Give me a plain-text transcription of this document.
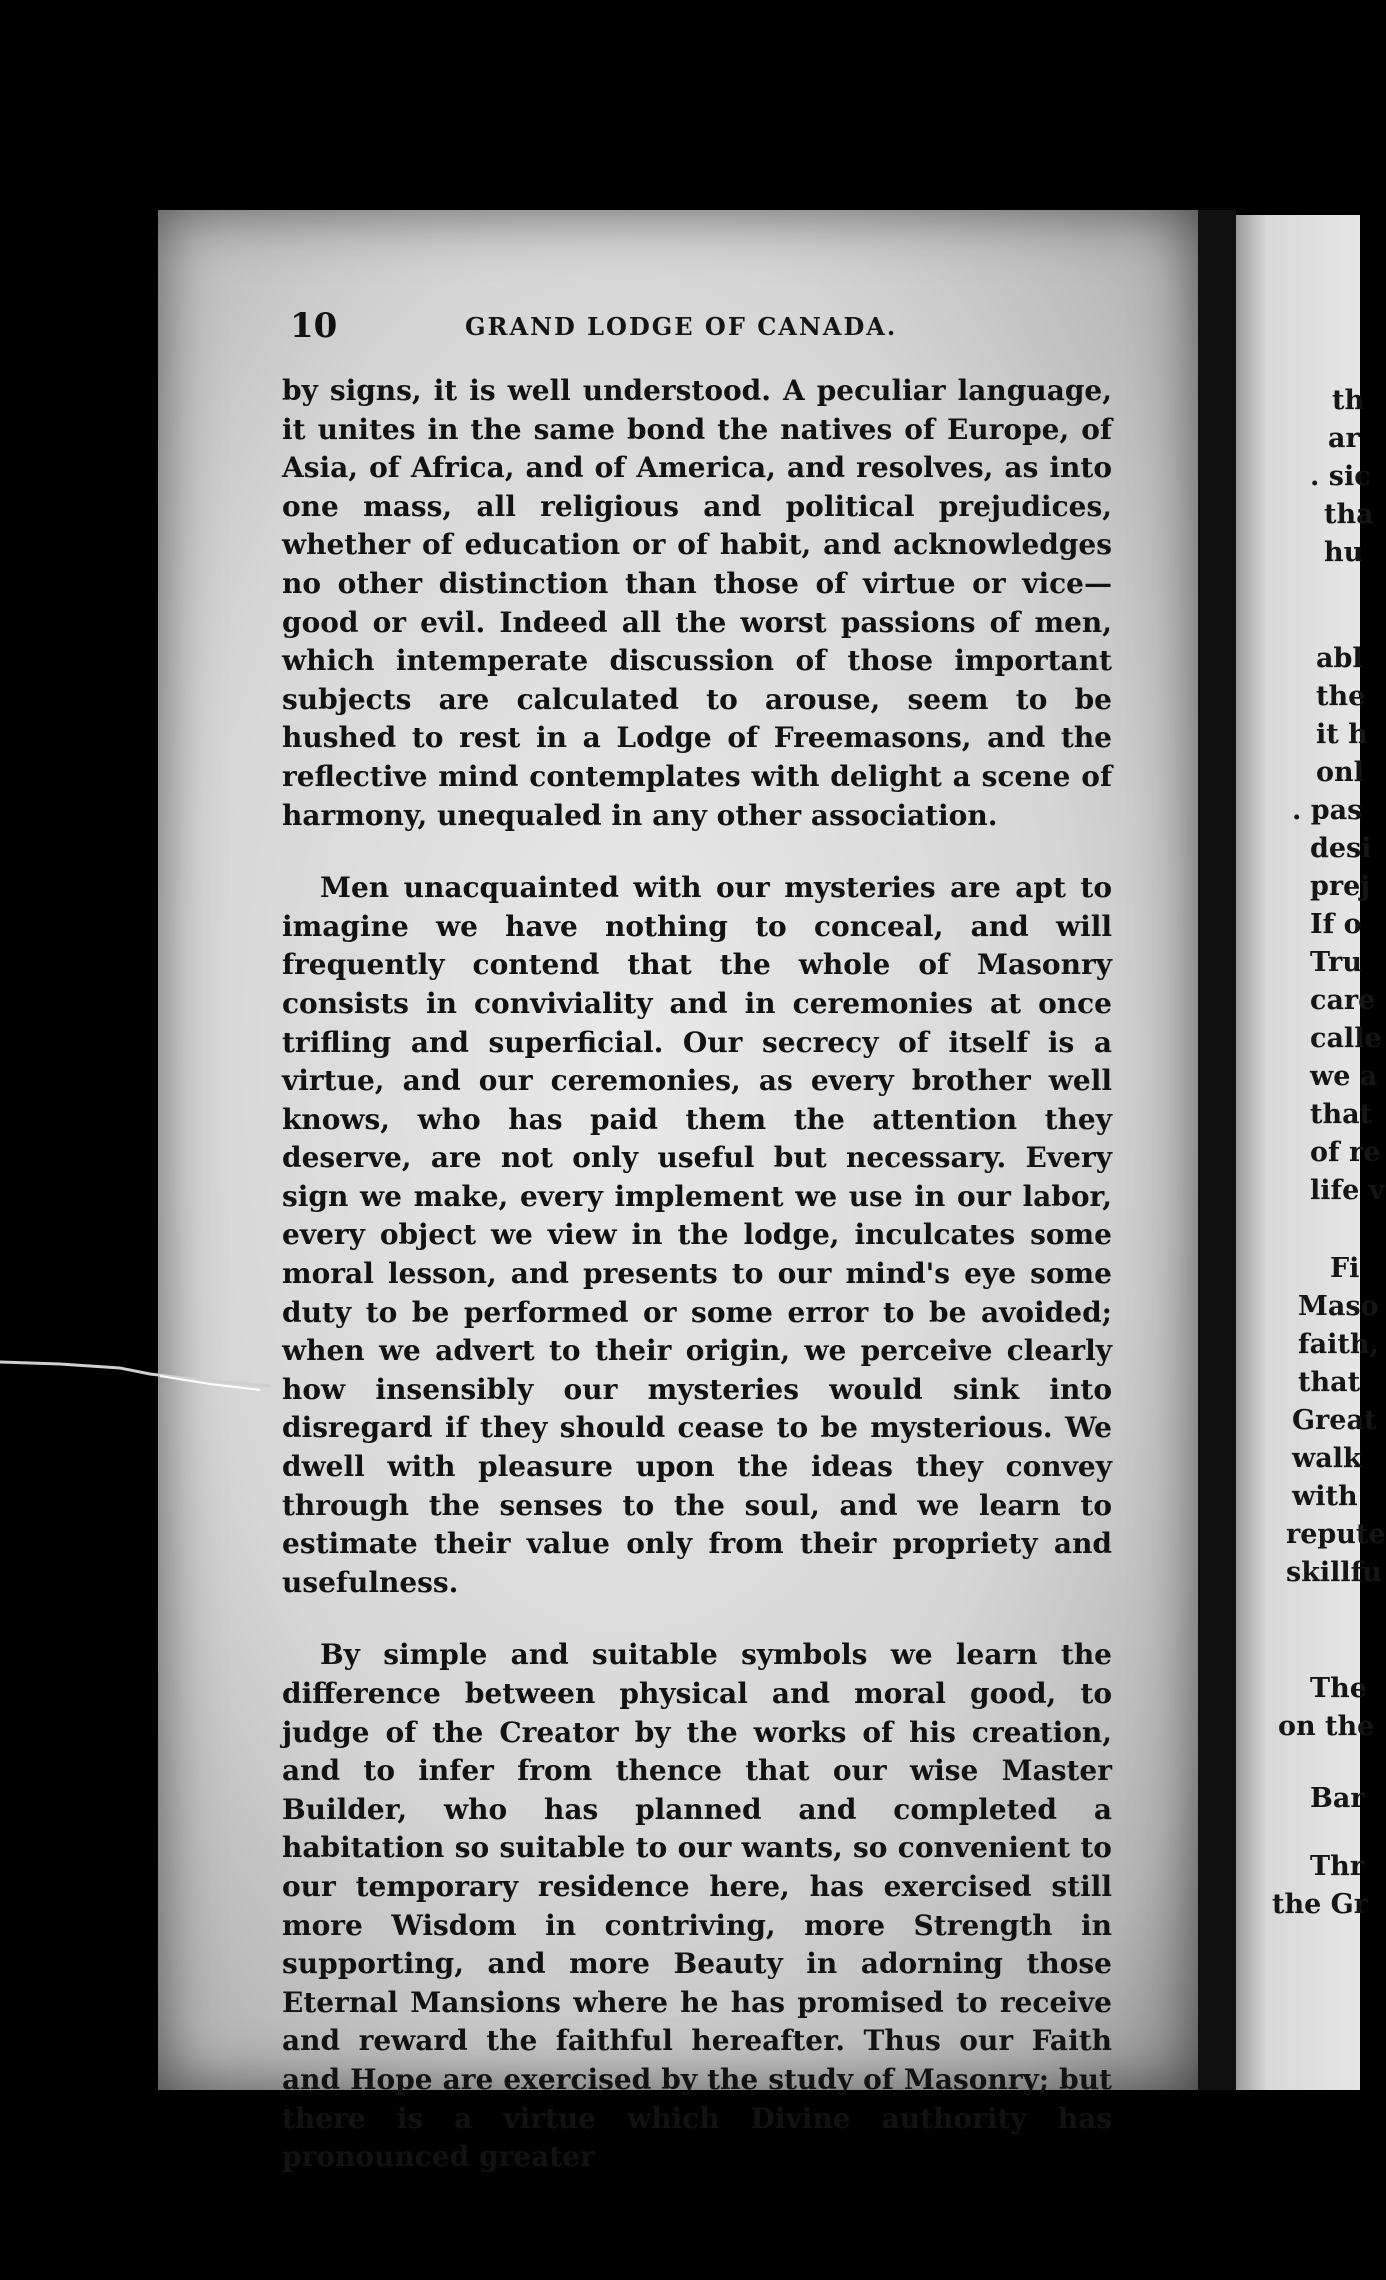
10	GRAND LODGE OF CANADA.

by signs, it is well understood. A peculiar language, it unites in the same bond the natives of Europe, of Asia, of Africa, and of America, and resolves, as into one mass, all religious and political prejudices, whether of education or of habit, and acknowledges no other distinction than those of virtue or vice—good or evil. Indeed all the worst passions of men, which intemperate discussion of those important subjects are calculated to arouse, seem to be hushed to rest in a Lodge of Freemasons, and the reflective mind contemplates with delight a scene of harmony, unequaled in any other association.

Men unacquainted with our mysteries are apt to imagine we have nothing to conceal, and will frequently contend that the whole of Masonry consists in conviviality and in ceremonies at once trifling and superficial. Our secrecy of itself is a virtue, and our ceremonies, as every brother well knows, who has paid them the attention they deserve, are not only useful but necessary. Every sign we make, every implement we use in our labor, every object we view in the lodge, inculcates some moral lesson, and presents to our mind's eye some duty to be performed or some error to be avoided; when we advert to their origin, we perceive clearly how insensibly our mysteries would sink into disregard if they should cease to be mysterious. We dwell with pleasure upon the ideas they convey through the senses to the soul, and we learn to estimate their value only from their propriety and usefulness.

By simple and suitable symbols we learn the difference between physical and moral good, to judge of the Creator by the works of his creation, and to infer from thence that our wise Master Builder, who has planned and completed a habitation so suitable to our wants, so convenient to our temporary residence here, has exercised still more Wisdom in contriving, more Strength in supporting, and more Beauty in adorning those Eternal Mansions where he has promised to receive and reward the faithful hereafter. Thus our Faith and Hope are exercised by the study of Masonry; but there is a virtue which Divine authority has pronounced greater

th
ar
. sic
tha
hu
abl
the
it h
onl
. pas
desi
prej
If o
Tru
care
calle
we a
that
of re
life v
Fi
Maso
faith,
that
Great
walk
with
repute
skillfu
The
on the
Bar
Thr
the Gr
